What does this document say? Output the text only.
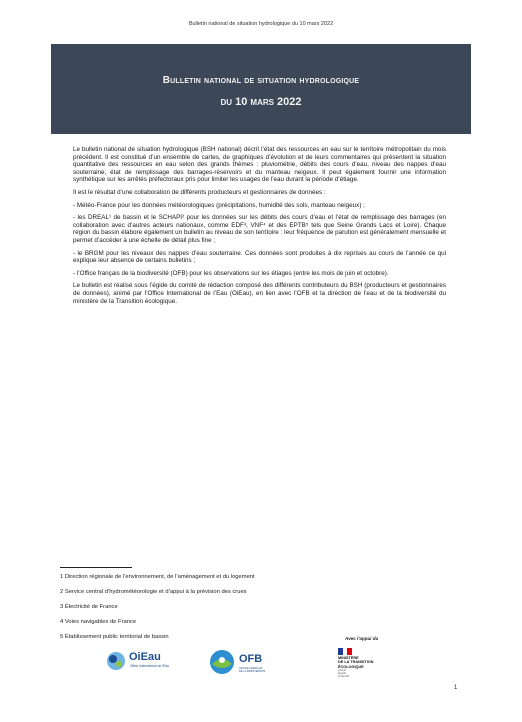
Bulletin national de situation hydrologique du 10 mars 2022
Bulletin national de situation hydrologique
du 10 mars 2022

Le bulletin national de situation hydrologique (BSH national) décrit l’état des ressources en eau sur le territoire métropolitain du mois précédent. Il est constitué d’un ensemble de cartes, de graphiques d’évolution et de leurs commentaires qui présentent la situation quantitative des ressources en eau selon des grands thèmes : pluviométrie, débits des cours d’eau, niveau des nappes d’eau souterraine, état de remplissage des barrages-réservoirs et du manteau neigeux. Il peut également fournir une information synthétique sur les arrêtés préfectoraux pris pour limiter les usages de l’eau durant la période d’étiage.

Il est le résultat d’une collaboration de différents producteurs et gestionnaires de données :

- Météo-France pour les données météorologiques (précipitations, humidité des sols, manteau neigeux) ;

- les DREAL¹ de bassin et le SCHAPI² pour les données sur les débits des cours d’eau et l’état de remplissage des barrages (en collaboration avec d’autres acteurs nationaux, comme EDF³, VNF⁴ et des EPTB⁵ tels que Seine Grands Lacs et Loire). Chaque région du bassin élabore également un bulletin au niveau de son territoire : leur fréquence de parution est généralement mensuelle et permet d’accéder à une échelle de détail plus fine ;

- le BRGM pour les niveaux des nappes d’eau souterraine. Ces données sont produites à dix reprises au cours de l’année ce qui explique leur absence de certains bulletins ;

- l’Office français de la biodiversité (OFB) pour les observations sur les étiages (entre les mois de juin et octobre).

Le bulletin est réalisé sous l’égide du comité de rédaction composé des différents contributeurs du BSH (producteurs et gestionnaires de données), animé par l’Office International de l’Eau (OiEau), en lien avec l’OFB et la direction de l’eau et de la biodiversité du ministère de la Transition écologique.

1 Direction régionale de l’environnement, de l’aménagement et du logement
2 Service central d’hydrométéorologie et d’appui à la prévision des crues
3 Électricité de France
4 Voies navigables de France
5 Établissement public territorial de bassin	Avec l’appui du
OiEau
Office International de l’Eau
OFB
OFFICE FRANÇAIS
DE LA BIODIVERSITÉ
MINISTÈRE
DE LA TRANSITION
ÉCOLOGIQUE
Liberté
Égalité
Fraternité
1
